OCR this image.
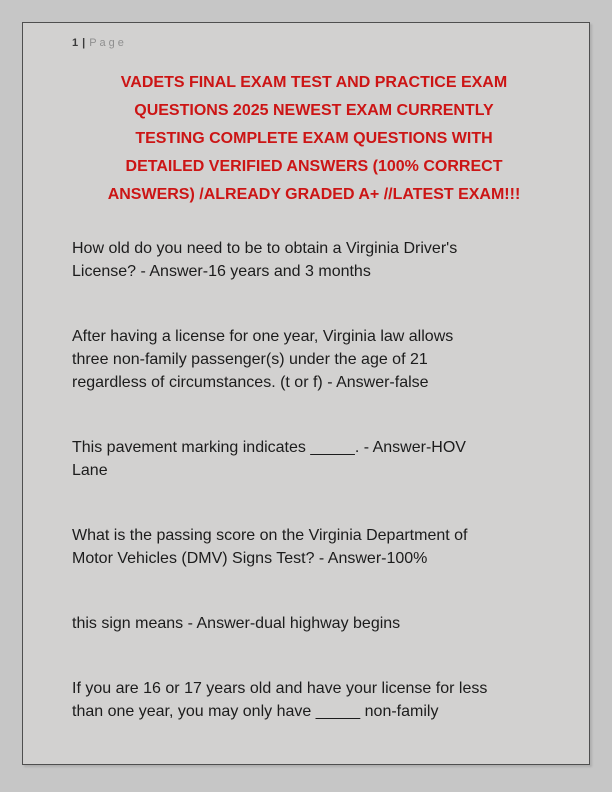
1 | Page
VADETS FINAL EXAM TEST AND PRACTICE EXAM
QUESTIONS 2025 NEWEST EXAM CURRENTLY
TESTING COMPLETE EXAM QUESTIONS WITH
DETAILED VERIFIED ANSWERS (100% CORRECT
ANSWERS) /ALREADY GRADED A+ //LATEST EXAM!!!
How old do you need to be to obtain a Virginia Driver's
License? - Answer-16 years and 3 months
After having a license for one year, Virginia law allows
three non-family passenger(s) under the age of 21
regardless of circumstances. (t or f) - Answer-false
This pavement marking indicates _____. - Answer-HOV
Lane
What is the passing score on the Virginia Department of
Motor Vehicles (DMV) Signs Test? - Answer-100%
this sign means - Answer-dual highway begins
If you are 16 or 17 years old and have your license for less
than one year, you may only have _____ non-family
